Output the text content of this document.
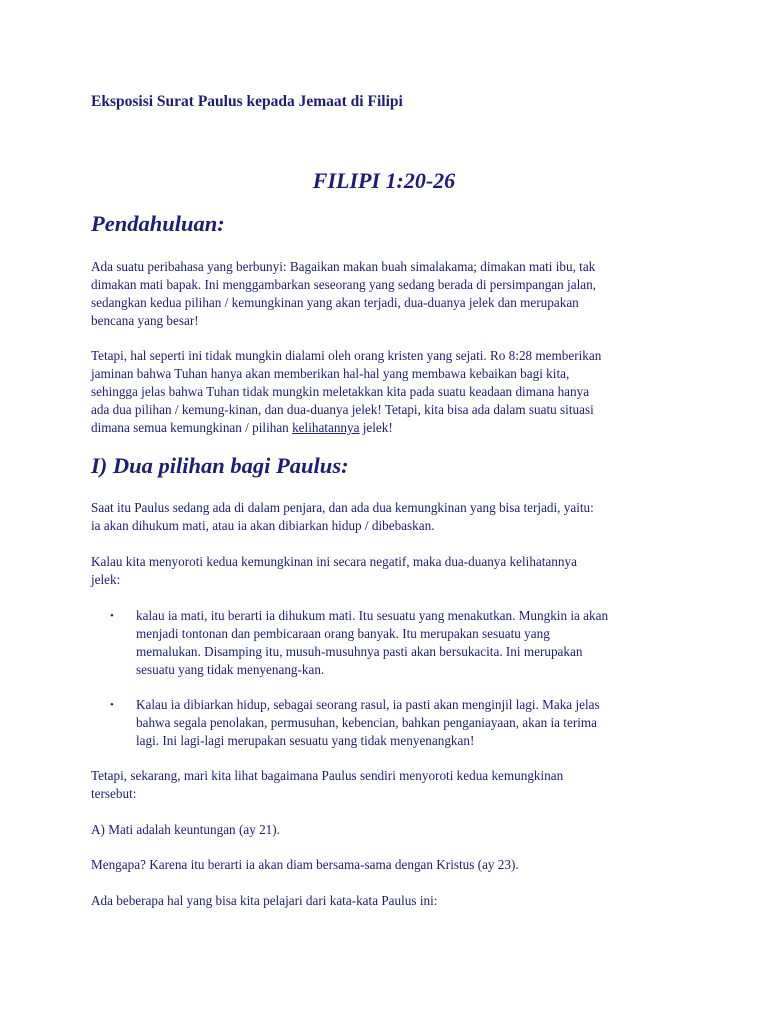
Eksposisi Surat Paulus kepada Jemaat di Filipi
FILIPI 1:20-26
Pendahuluan:
Ada suatu peribahasa yang berbunyi: Bagaikan makan buah simalakama; dimakan mati ibu, tak
dimakan mati bapak. Ini menggambarkan seseorang yang sedang berada di persimpangan jalan,
sedangkan kedua pilihan / kemungkinan yang akan terjadi, dua-duanya jelek dan merupakan
bencana yang besar!
Tetapi, hal seperti ini tidak mungkin dialami oleh orang kristen yang sejati. Ro 8:28 memberikan
jaminan bahwa Tuhan hanya akan memberikan hal-hal yang membawa kebaikan bagi kita,
sehingga jelas bahwa Tuhan tidak mungkin meletakkan kita pada suatu keadaan dimana hanya
ada dua pilihan / kemung-kinan, dan dua-duanya jelek! Tetapi, kita bisa ada dalam suatu situasi
dimana semua kemungkinan / pilihan kelihatannya jelek!
I) Dua pilihan bagi Paulus:
Saat itu Paulus sedang ada di dalam penjara, dan ada dua kemungkinan yang bisa terjadi, yaitu:
ia akan dihukum mati, atau ia akan dibiarkan hidup / dibebaskan.
Kalau kita menyoroti kedua kemungkinan ini secara negatif, maka dua-duanya kelihatannya
jelek:
•	kalau ia mati, itu berarti ia dihukum mati. Itu sesuatu yang menakutkan. Mungkin ia akan
menjadi tontonan dan pembicaraan orang banyak. Itu merupakan sesuatu yang
memalukan. Disamping itu, musuh-musuhnya pasti akan bersukacita. Ini merupakan
sesuatu yang tidak menyenang-kan.
•	Kalau ia dibiarkan hidup, sebagai seorang rasul, ia pasti akan menginjil lagi. Maka jelas
bahwa segala penolakan, permusuhan, kebencian, bahkan penganiayaan, akan ia terima
lagi. Ini lagi-lagi merupakan sesuatu yang tidak menyenangkan!
Tetapi, sekarang, mari kita lihat bagaimana Paulus sendiri menyoroti kedua kemungkinan
tersebut:
A) Mati adalah keuntungan (ay 21).
Mengapa? Karena itu berarti ia akan diam bersama-sama dengan Kristus (ay 23).
Ada beberapa hal yang bisa kita pelajari dari kata-kata Paulus ini:
